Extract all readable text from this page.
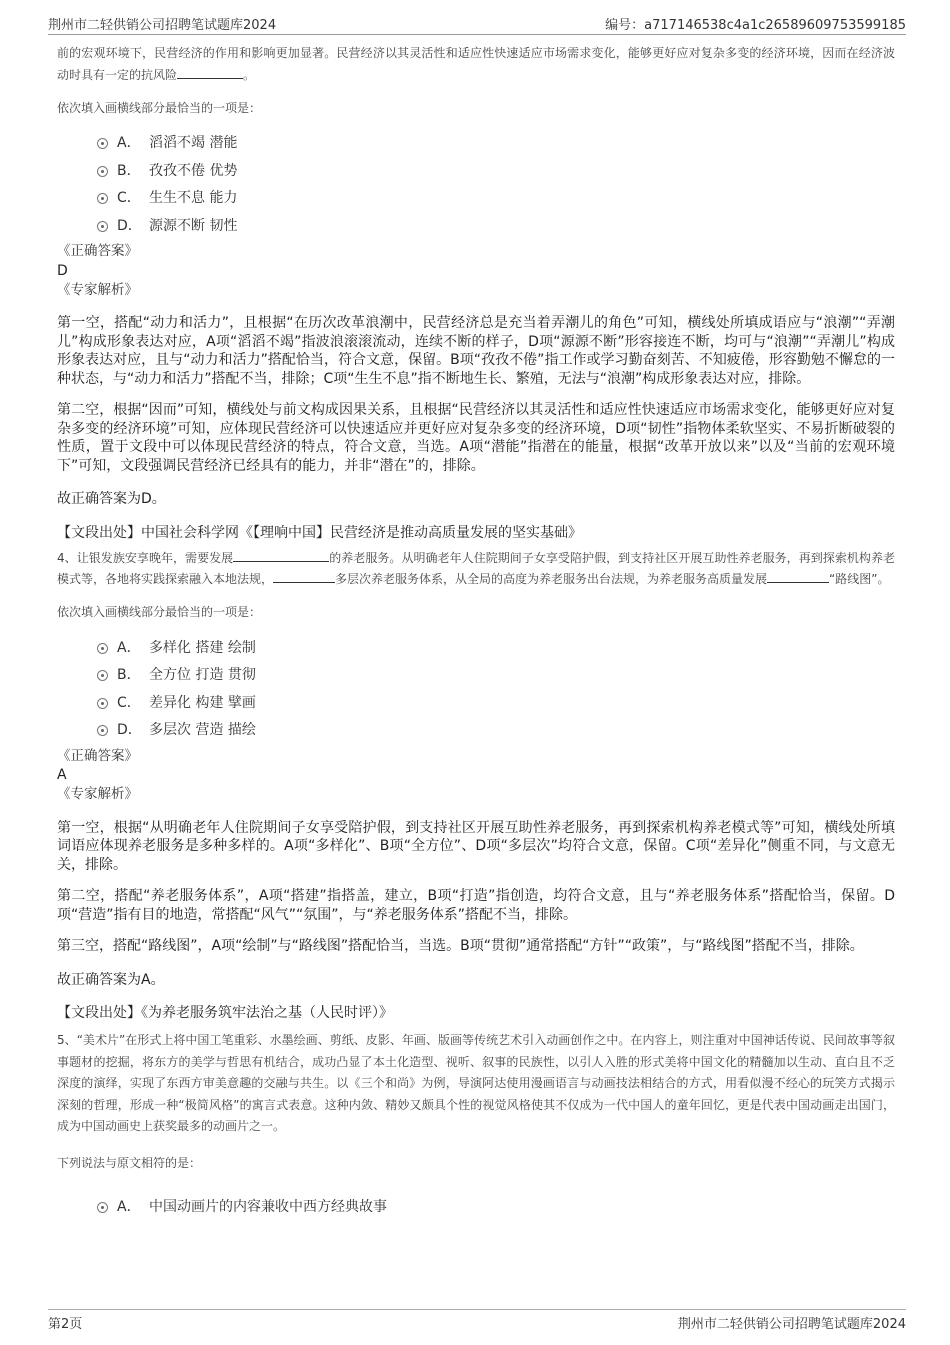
荆州市二轻供销公司招聘笔试题库2024	编号：a717146538c4a1c26589609753599185

前的宏观环境下，民营经济的作用和影响更加显著。民营经济以其灵活性和适应性快速适应市场需求变化，能够更好应对复杂多变的经济环境，因而在经济波动时具有一定的抗风险	。

依次填入画横线部分最恰当的一项是：

A． 滔滔不竭 潜能
B． 孜孜不倦 优势
C． 生生不息 能力
D． 源源不断 韧性

《正确答案》

D

《专家解析》

第一空，搭配“动力和活力”，且根据“在历次改革浪潮中，民营经济总是充当着弄潮儿的角色”可知，横线处所填成语应与“浪潮”“弄潮儿”构成形象表达对应，A项“滔滔不竭”指波浪滚滚流动，连续不断的样子，D项“源源不断”形容接连不断，均可与“浪潮”“弄潮儿”构成形象表达对应，且与“动力和活力”搭配恰当，符合文意，保留。B项“孜孜不倦”指工作或学习勤奋刻苦、不知疲倦，形容勤勉不懈怠的一种状态，与“动力和活力”搭配不当，排除；C项“生生不息”指不断地生长、繁殖，无法与“浪潮”构成形象表达对应，排除。

第二空，根据“因而”可知，横线处与前文构成因果关系，且根据“民营经济以其灵活性和适应性快速适应市场需求变化，能够更好应对复杂多变的经济环境”可知，应体现民营经济可以快速适应并更好应对复杂多变的经济环境，D项“韧性”指物体柔软坚实、不易折断破裂的性质，置于文段中可以体现民营经济的特点，符合文意，当选。A项“潜能”指潜在的能量，根据“改革开放以来”以及“当前的宏观环境下”可知，文段强调民营经济已经具有的能力，并非“潜在”的，排除。

故正确答案为D。

【文段出处】中国社会科学网《【理响中国】民营经济是推动高质量发展的坚实基础》

4、让银发族安享晚年，需要发展	的养老服务。从明确老年人住院期间子女享受陪护假，到支持社区开展互助性养老服务，再到探索机构养老模式等，各地将实践探索融入本地法规，	多层次养老服务体系，从全局的高度为养老服务出台法规，为养老服务高质量发展	“路线图”。

依次填入画横线部分最恰当的一项是：

A． 多样化 搭建 绘制
B． 全方位 打造 贯彻
C． 差异化 构建 擘画
D． 多层次 营造 描绘

《正确答案》

A

《专家解析》

第一空，根据“从明确老年人住院期间子女享受陪护假，到支持社区开展互助性养老服务，再到探索机构养老模式等”可知，横线处所填词语应体现养老服务是多种多样的。A项“多样化”、B项“全方位”、D项“多层次”均符合文意，保留。C项“差异化”侧重不同，与文意无关，排除。

第二空，搭配“养老服务体系”，A项“搭建”指搭盖，建立，B项“打造”指创造，均符合文意，且与“养老服务体系”搭配恰当，保留。D项“营造”指有目的地造，常搭配“风气”“氛围”，与“养老服务体系”搭配不当，排除。

第三空，搭配“路线图”，A项“绘制”与“路线图”搭配恰当，当选。B项“贯彻”通常搭配“方针”“政策”，与“路线图”搭配不当，排除。

故正确答案为A。

【文段出处】《为养老服务筑牢法治之基（人民时评）》

5、“美术片”在形式上将中国工笔重彩、水墨绘画、剪纸、皮影、年画、版画等传统艺术引入动画创作之中。在内容上，则注重对中国神话传说、民间故事等叙事题材的挖掘，将东方的美学与哲思有机结合，成功凸显了本土化造型、视听、叙事的民族性，以引人入胜的形式美将中国文化的精髓加以生动、直白且不乏深度的演绎，实现了东西方审美意趣的交融与共生。以《三个和尚》为例，导演阿达使用漫画语言与动画技法相结合的方式，用看似漫不经心的玩笑方式揭示深刻的哲理，形成一种“极简风格”的寓言式表意。这种内敛、精妙又颇具个性的视觉风格使其不仅成为一代中国人的童年回忆，更是代表中国动画走出国门，成为中国动画史上获奖最多的动画片之一。

下列说法与原文相符的是：

A． 中国动画片的内容兼收中西方经典故事
第2页	荆州市二轻供销公司招聘笔试题库2024
